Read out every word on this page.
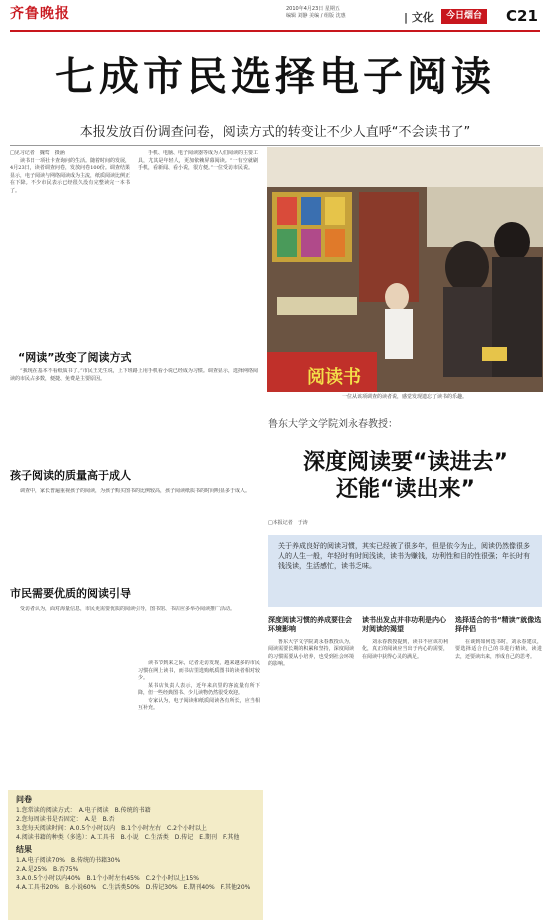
齐鲁晚报	2010年4月23日 星期五
编辑 刘静 美编 / 组版 沈惠	| 文化	今日烟台	C21
七成市民选择电子阅读
本报发放百份调查问卷，阅读方式的转变让不少人直呼“不会读书了”
□见习记者　魏莺　摄涵

读书日一项社卡查询问的生活。随着时间的发展，4月23日，读者调查问卷，发放问卷100份。调查结果显示，电子阅读与网络阅读成为主流，纸质阅读比例正在下降。不少市民表示已经很久没有完整读完一本书了。

手机、电脑、电子阅读器等成为人们阅读的主要工具，尤其是年轻人，更加依赖屏幕阅读。“一有空就刷手机，看新闻、看小说，很方便。”一位受访市民说。

“网读”改变了阅读方式

“我现在基本不看纸质书了。”市民王先生说，上下班路上用手机看小说已经成为习惯。调查显示，选择网络阅读的市民占多数，便捷、免费是主要原因。

孩子阅读的质量高于成人

调查中，家长普遍重视孩子的阅读，为孩子购买图书的比例较高，孩子阅读纸质书的时间明显多于成人。

市民需要优质的阅读引导

受访者认为，面对海量信息，市民更需要优质的阅读引导，图书馆、书店应多举办阅读推广活动。

问卷
1.您常读的阅读方式：　A.电子阅读　B.传统的书籍
2.您每周读书是否固定：　A.是　B.否
3.您每天阅读时间：A.0.5个小时以内　B.1个小时左右　C.2个小时以上
4.阅读书籍的种类（多选）：A.工具书　B.小说　C.生活类　D.传记　E.期刊　F.其他
结果
1.A.电子阅读70%　B.传统的书籍30%
2.A.是25%　B.否75%
3.A.0.5个小时以内40%　B.1个小时左右45%　C.2个小时以上15%
4.A.工具书20%　B.小说60%　C.生活类50%　D.传记30%　E.期刊40%　F.其他20%
阅读书
一位从该项调查的读者说，感觉发现遗忘了读书的乐趣。
鲁东大学文学院刘永春教授：
深度阅读要“读进去”
还能“读出来”
□本报记者　于涛
关于养成良好的阅读习惯，其实已经被了很多年，但是依今为止，阅读仍然像很多人的人生一般，年轻时有时间浅读，读书为赚钱，功利性和目的性很强；年长时有钱浅读，生活感忙，读书乏味。
深度阅读习惯的养成要往会环境影响

鲁东大学文学院刘永春教授认为，阅读需要长期的积累和坚持，深度阅读的习惯需要从小培养，也受到社会环境的影响。

读书出发点并非功利是内心对阅读的渴望

刘永春教授提到，读书不应该功利化，真正的阅读应当出于内心的需要，在阅读中获得心灵的满足。

选择适合的书“精读”就像选择伴侣

在谈到如何选书时，刘永春建议，要选择适合自己的书进行精读，读进去，还要读出来，形成自己的思考。

读书节到来之际，记者走访发现，越来越多的市民习惯在网上读书，而书店里选购纸质图书的读者相对较少。

某书店负责人表示，近年来店里的客流量有所下降，但一些经典图书、少儿读物仍然很受欢迎。

专家认为，电子阅读和纸质阅读各有所长，应当相互补充。
